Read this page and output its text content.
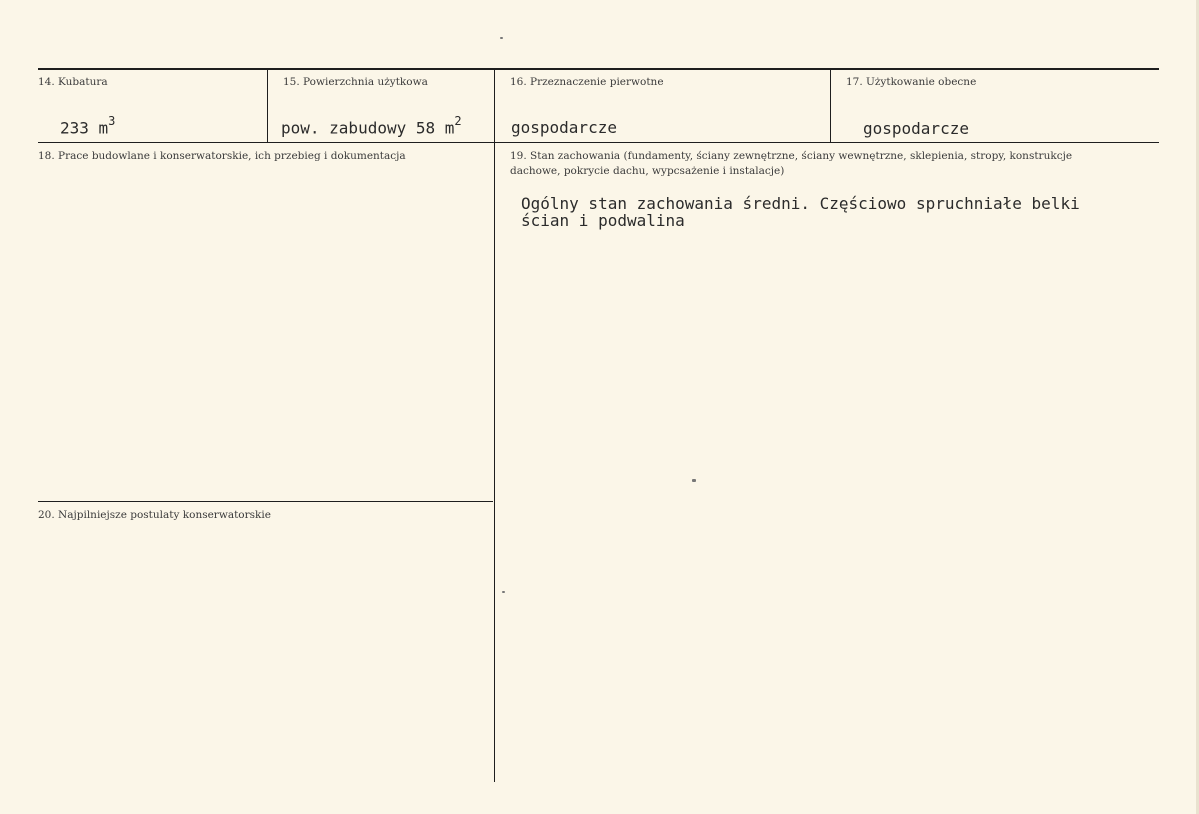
14. Kubatura
233 $m^3$
15. Powierzchnia użytkowa
pow. zabudowy 58 $m^2$
16. Przeznaczenie pierwotne
gospodarcze
17. Użytkowanie obecne
gospodarcze
18. Prace budowlane i konserwatorskie, ich przebieg i dokumentacja	19. Stan zachowania (fundamenty, ściany zewnętrzne, ściany wewnętrzne, sklepienia, stropy, konstrukcje dachowe, pokrycie dachu, wypcsażenie i instalacje)
Ogólny stan zachowania średni. Częściowo spruchniałe belki ścian i podwalina
20. Najpilniejsze postulaty konserwatorskie
